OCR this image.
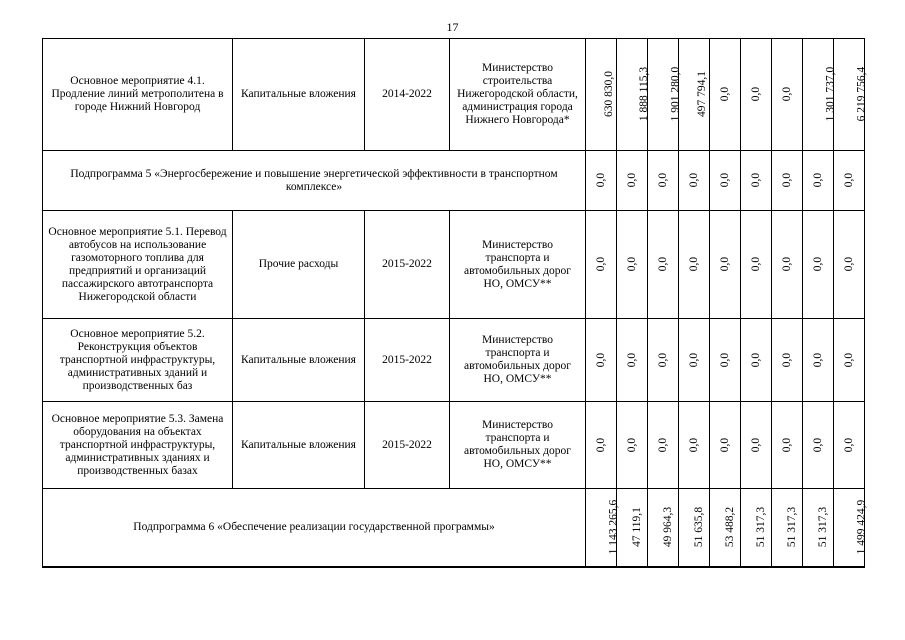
17
Основное мероприятие 4.1. Продление линий метрополитена в городе Нижний Новгород	Капитальные вложения	2014-2022	Министерство строительства Нижегородской области, администрация города Нижнего Новгорода*	630 830,0	1 888 115,3	1 901 280,0	497 794,1	0,0	0,0	0,0	1 301 737,0	6 219 756,4
Подпрограмма 5 «Энергосбережение и повышение энергетической эффективности в транспортном комплексе»				0,0	0,0	0,0	0,0	0,0	0,0	0,0	0,0	0,0
Основное мероприятие 5.1. Перевод автобусов на использование газомоторного топлива для предприятий и организаций пассажирского автотранспорта Нижегородской области	Прочие расходы	2015-2022	Министерство транспорта и автомобильных дорог НО, ОМСУ**	0,0	0,0	0,0	0,0	0,0	0,0	0,0	0,0	0,0
Основное мероприятие 5.2. Реконструкция объектов транспортной инфраструктуры, административных зданий и производственных баз	Капитальные вложения	2015-2022	Министерство транспорта и автомобильных дорог НО, ОМСУ**	0,0	0,0	0,0	0,0	0,0	0,0	0,0	0,0	0,0
Основное мероприятие 5.3. Замена оборудования на объектах транспортной инфраструктуры, административных зданиях и производственных базах	Капитальные вложения	2015-2022	Министерство транспорта и автомобильных дорог НО, ОМСУ**	0,0	0,0	0,0	0,0	0,0	0,0	0,0	0,0	0,0
Подпрограмма 6 «Обеспечение реализации государственной программы»				1 143 265,6	47 119,1	49 964,3	51 635,8	53 488,2	51 317,3	51 317,3	51 317,3	1 499 424,9
